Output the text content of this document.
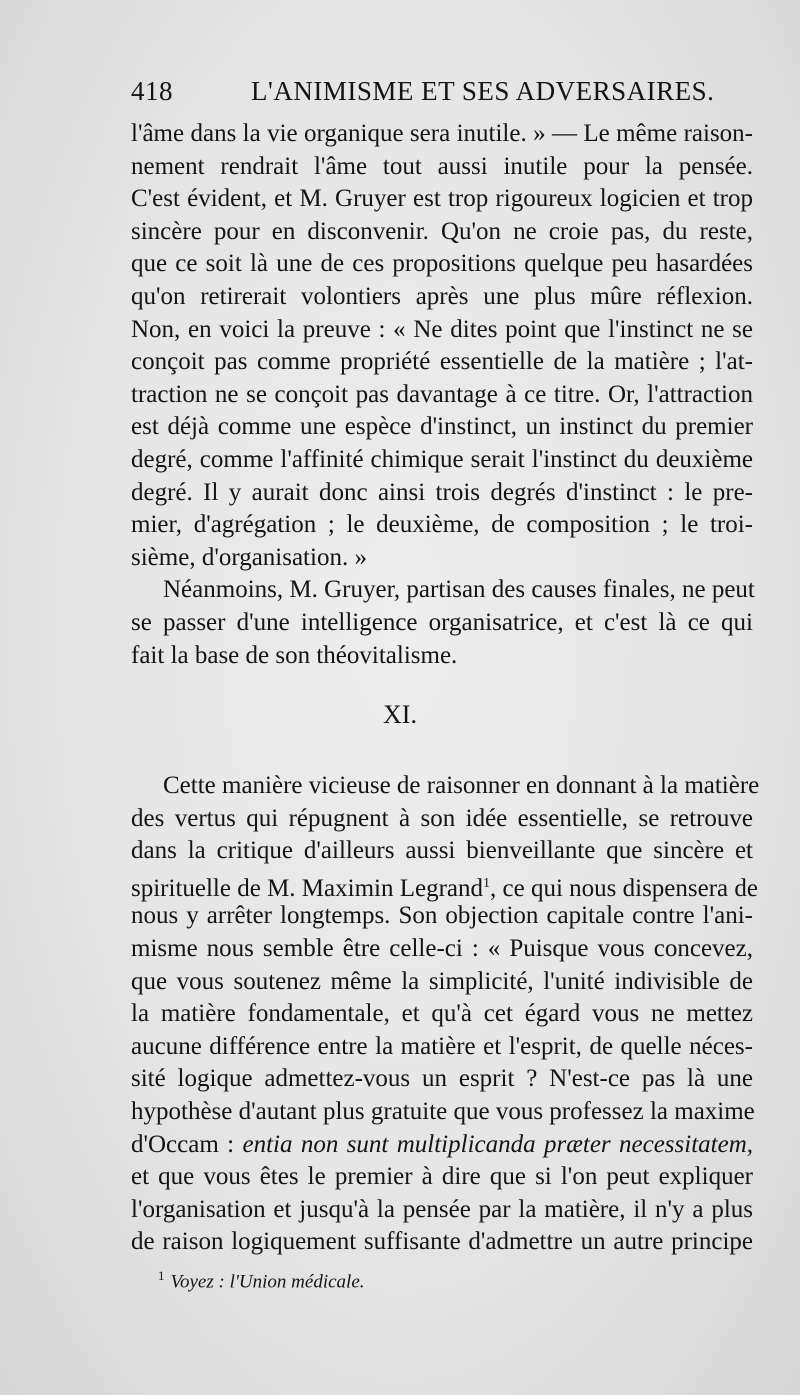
418	L'ANIMISME ET SES ADVERSAIRES.
l'âme dans la vie organique sera inutile. » — Le même raison-
nement rendrait l'âme tout aussi inutile pour la pensée.
C'est évident, et M. Gruyer est trop rigoureux logicien et trop
sincère pour en disconvenir. Qu'on ne croie pas, du reste,
que ce soit là une de ces propositions quelque peu hasardées
qu'on retirerait volontiers après une plus mûre réflexion.
Non, en voici la preuve : « Ne dites point que l'instinct ne se
conçoit pas comme propriété essentielle de la matière ; l'at-
traction ne se conçoit pas davantage à ce titre. Or, l'attraction
est déjà comme une espèce d'instinct, un instinct du premier
degré, comme l'affinité chimique serait l'instinct du deuxième
degré. Il y aurait donc ainsi trois degrés d'instinct : le pre-
mier, d'agrégation ; le deuxième, de composition ; le troi-
sième, d'organisation. »
Néanmoins, M. Gruyer, partisan des causes finales, ne peut
se passer d'une intelligence organisatrice, et c'est là ce qui
fait la base de son théovitalisme.
XI.
Cette manière vicieuse de raisonner en donnant à la matière
des vertus qui répugnent à son idée essentielle, se retrouve
dans la critique d'ailleurs aussi bienveillante que sincère et
spirituelle de M. Maximin Legrand$^1$, ce qui nous dispensera de
nous y arrêter longtemps. Son objection capitale contre l'ani-
misme nous semble être celle-ci : « Puisque vous concevez,
que vous soutenez même la simplicité, l'unité indivisible de
la matière fondamentale, et qu'à cet égard vous ne mettez
aucune différence entre la matière et l'esprit, de quelle néces-
sité logique admettez-vous un esprit ? N'est-ce pas là une
hypothèse d'autant plus gratuite que vous professez la maxime
d'Occam : entia non sunt multiplicanda præter necessitatem,
et que vous êtes le premier à dire que si l'on peut expliquer
l'organisation et jusqu'à la pensée par la matière, il n'y a plus
de raison logiquement suffisante d'admettre un autre principe
$^1$ Voyez : l'Union médicale.
